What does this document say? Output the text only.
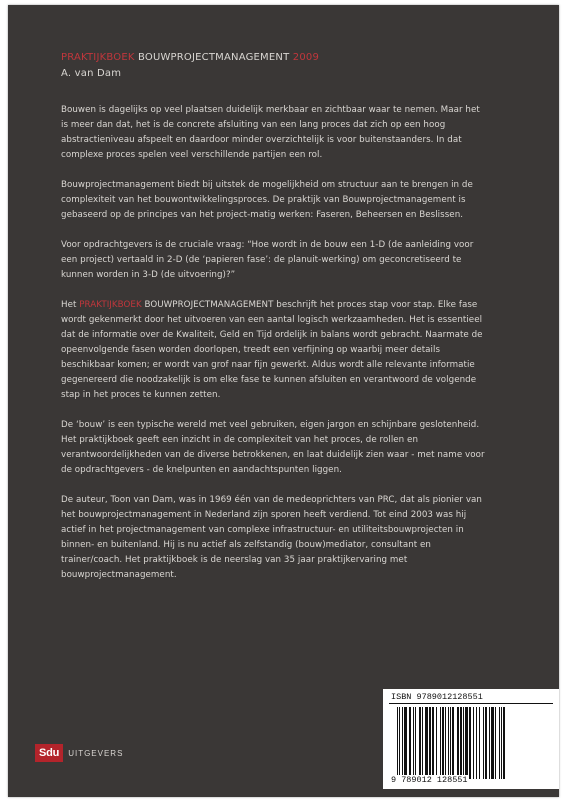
PRAKTIJKBOEK BOUWPROJECTMANAGEMENT 2009
A. van Dam

Bouwen is dagelijks op veel plaatsen duidelijk merkbaar en zichtbaar waar te nemen. Maar het is meer dan dat, het is de concrete afsluiting van een lang proces dat zich op een hoog abstractieniveau afspeelt en daardoor minder overzichtelijk is voor buitenstaanders. In dat complexe proces spelen veel verschillende partijen een rol.

Bouwprojectmanagement biedt bij uitstek de mogelijkheid om structuur aan te brengen in de complexiteit van het bouwontwikkelingsproces. De praktijk van Bouwprojectmanagement is gebaseerd op de principes van het project-matig werken: Faseren, Beheersen en Beslissen.

Voor opdrachtgevers is de cruciale vraag: “Hoe wordt in de bouw een 1-D (de aanleiding voor een project) vertaald in 2-D (de ‘papieren fase’: de planuit-werking) om geconcretiseerd te kunnen worden in 3-D (de uitvoering)?”

Het PRAKTIJKBOEK BOUWPROJECTMANAGEMENT beschrijft het proces stap voor stap. Elke fase wordt gekenmerkt door het uitvoeren van een aantal logisch werkzaamheden. Het is essentieel dat de informatie over de Kwaliteit, Geld en Tijd ordelijk in balans wordt gebracht. Naarmate de opeenvolgende fasen worden doorlopen, treedt een verfijning op waarbij meer details beschikbaar komen; er wordt van grof naar fijn gewerkt. Aldus wordt alle relevante informatie gegenereerd die noodzakelijk is om elke fase te kunnen afsluiten en verantwoord de volgende stap in het proces te kunnen zetten.

De ‘bouw’ is een typische wereld met veel gebruiken, eigen jargon en schijnbare geslotenheid. Het praktijkboek geeft een inzicht in de complexiteit van het proces, de rollen en verantwoordelijkheden van de diverse betrokkenen, en laat duidelijk zien waar - met name voor de opdrachtgevers - de knelpunten en aandachtspunten liggen.

De auteur, Toon van Dam, was in 1969 één van de medeoprichters van PRC, dat als pionier van het bouwprojectmanagement in Nederland zijn sporen heeft verdiend. Tot eind 2003 was hij actief in het projectmanagement van complexe infrastructuur- en utiliteitsbouwprojecten in binnen- en buitenland. Hij is nu actief als zelfstandig (bouw)mediator, consultant en trainer/coach. Het praktijkboek is de neerslag van 35 jaar praktijkervaring met bouwprojectmanagement.

ISBN 9789012128551
9 789012 128551
Sdu	UITGEVERS
